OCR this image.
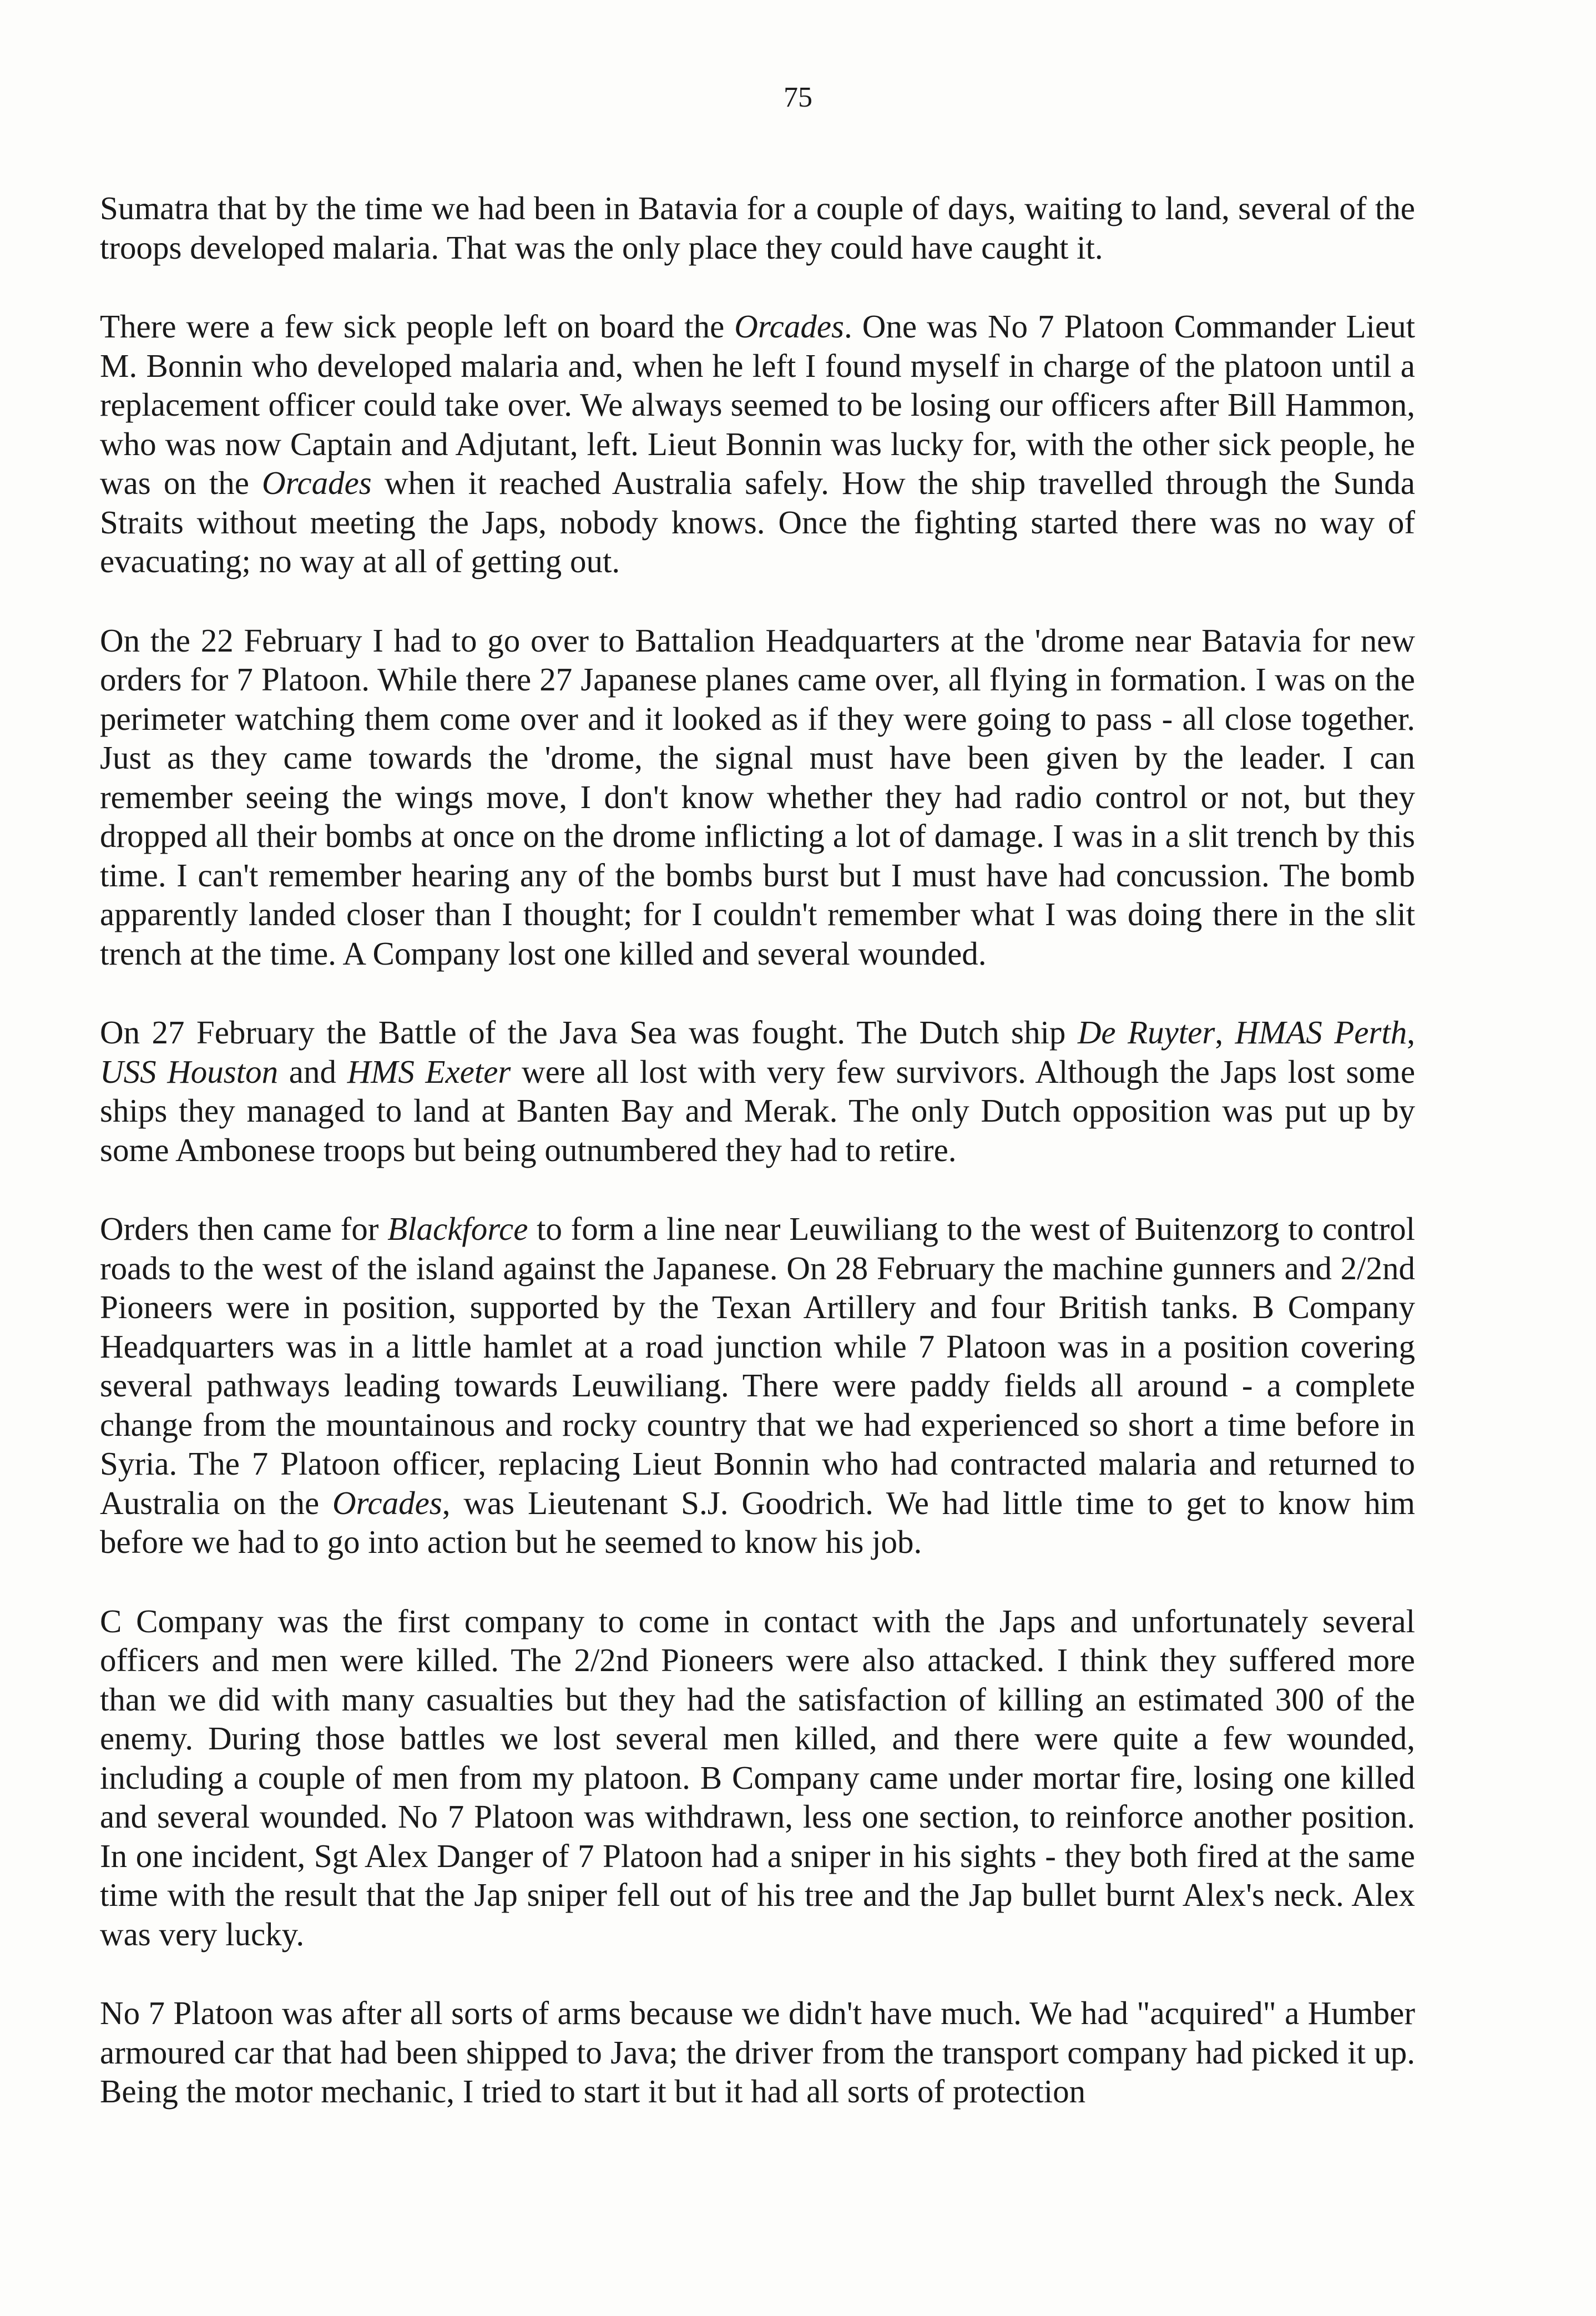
75

Sumatra that by the time we had been in Batavia for a couple of days, waiting to land, several of the troops developed malaria. That was the only place they could have caught it.

There were a few sick people left on board the Orcades. One was No 7 Platoon Commander Lieut M. Bonnin who developed malaria and, when he left I found myself in charge of the platoon until a replacement officer could take over. We always seemed to be losing our officers after Bill Hammon, who was now Captain and Adjutant, left. Lieut Bonnin was lucky for, with the other sick people, he was on the Orcades when it reached Australia safely. How the ship travelled through the Sunda Straits without meeting the Japs, nobody knows. Once the fighting started there was no way of evacuating; no way at all of getting out.

On the 22 February I had to go over to Battalion Headquarters at the 'drome near Batavia for new orders for 7 Platoon. While there 27 Japanese planes came over, all flying in formation. I was on the perimeter watching them come over and it looked as if they were going to pass - all close together. Just as they came towards the 'drome, the signal must have been given by the leader. I can remember seeing the wings move, I don't know whether they had radio control or not, but they dropped all their bombs at once on the drome inflicting a lot of damage. I was in a slit trench by this time. I can't remember hearing any of the bombs burst but I must have had concussion. The bomb apparently landed closer than I thought; for I couldn't remember what I was doing there in the slit trench at the time. A Company lost one killed and several wounded.

On 27 February the Battle of the Java Sea was fought. The Dutch ship De Ruyter, HMAS Perth, USS Houston and HMS Exeter were all lost with very few survivors. Although the Japs lost some ships they managed to land at Banten Bay and Merak. The only Dutch opposition was put up by some Ambonese troops but being outnumbered they had to retire.

Orders then came for Blackforce to form a line near Leuwiliang to the west of Buitenzorg to control roads to the west of the island against the Japanese. On 28 February the machine gunners and 2/2nd Pioneers were in position, supported by the Texan Artillery and four British tanks. B Company Headquarters was in a little hamlet at a road junction while 7 Platoon was in a position covering several pathways leading towards Leuwiliang. There were paddy fields all around - a complete change from the mountainous and rocky country that we had experienced so short a time before in Syria. The 7 Platoon officer, replacing Lieut Bonnin who had contracted malaria and returned to Australia on the Orcades, was Lieutenant S.J. Goodrich. We had little time to get to know him before we had to go into action but he seemed to know his job.

C Company was the first company to come in contact with the Japs and unfortunately several officers and men were killed. The 2/2nd Pioneers were also attacked. I think they suffered more than we did with many casualties but they had the satisfaction of killing an estimated 300 of the enemy. During those battles we lost several men killed, and there were quite a few wounded, including a couple of men from my platoon. B Company came under mortar fire, losing one killed and several wounded. No 7 Platoon was withdrawn, less one section, to reinforce another position. In one incident, Sgt Alex Danger of 7 Platoon had a sniper in his sights - they both fired at the same time with the result that the Jap sniper fell out of his tree and the Jap bullet burnt Alex's neck. Alex was very lucky.

No 7 Platoon was after all sorts of arms because we didn't have much. We had "acquired" a Humber armoured car that had been shipped to Java; the driver from the transport company had picked it up. Being the motor mechanic, I tried to start it but it had all sorts of protection
